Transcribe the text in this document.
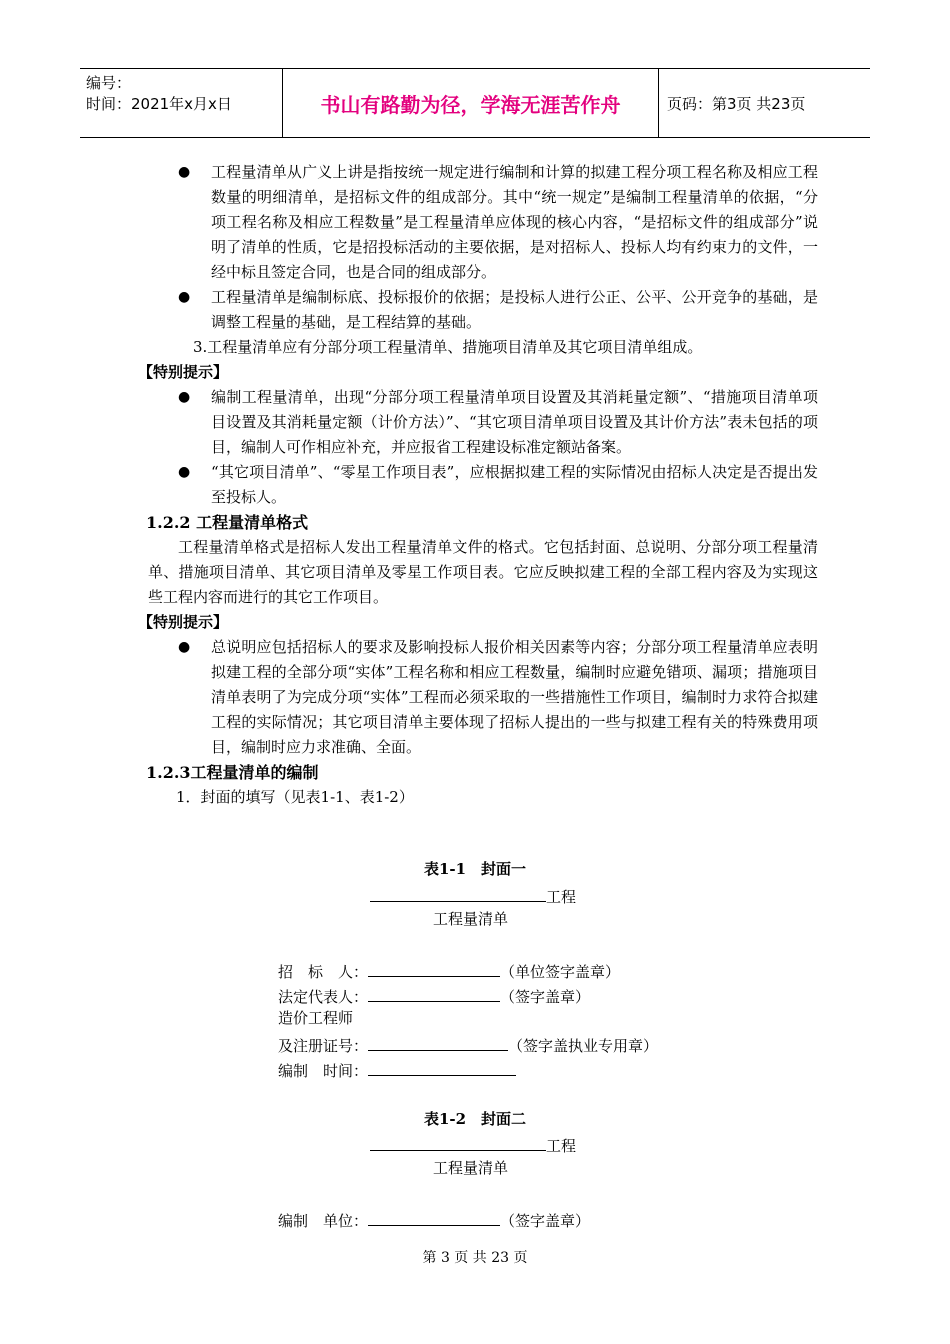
编号：
时间：2021年x月x日	书山有路勤为径，学海无涯苦作舟	页码：第3页 共23页
● 工程量清单从广义上讲是指按统一规定进行编制和计算的拟建工程分项工程名称及相应工程数量的明细清单，是招标文件的组成部分。其中“统一规定”是编制工程量清单的依据，“分项工程名称及相应工程数量”是工程量清单应体现的核心内容，“是招标文件的组成部分”说明了清单的性质，它是招投标活动的主要依据，是对招标人、投标人均有约束力的文件，一经中标且签定合同，也是合同的组成部分。
● 工程量清单是编制标底、投标报价的依据；是投标人进行公正、公平、公开竞争的基础，是调整工程量的基础，是工程结算的基础。
3.工程量清单应有分部分项工程量清单、措施项目清单及其它项目清单组成。
【特别提示】
● 编制工程量清单，出现“分部分项工程量清单项目设置及其消耗量定额”、“措施项目清单项目设置及其消耗量定额（计价方法）”、“其它项目清单项目设置及其计价方法”表未包括的项目，编制人可作相应补充，并应报省工程建设标准定额站备案。
● “其它项目清单”、“零星工作项目表”，应根据拟建工程的实际情况由招标人决定是否提出发至投标人。
1.2.2 工程量清单格式
工程量清单格式是招标人发出工程量清单文件的格式。它包括封面、总说明、分部分项工程量清单、措施项目清单、其它项目清单及零星工作项目表。它应反映拟建工程的全部工程内容及为实现这些工程内容而进行的其它工作项目。
【特别提示】
● 总说明应包括招标人的要求及影响投标人报价相关因素等内容；分部分项工程量清单应表明拟建工程的全部分项“实体”工程名称和相应工程数量，编制时应避免错项、漏项；措施项目清单表明了为完成分项“实体”工程而必须采取的一些措施性工作项目，编制时力求符合拟建工程的实际情况；其它项目清单主要体现了招标人提出的一些与拟建工程有关的特殊费用项目，编制时应力求准确、全面。
1.2.3工程量清单的编制
1．封面的填写（见表1-1、表1-2）
表1-1　封面一
工程
工程量清单
招　标　人：	（单位签字盖章）
法定代表人：	（签字盖章）
造价工程师
及注册证号：	（签字盖执业专用章）
编制　时间：
表1-2　封面二
工程
工程量清单
编制　单位：	（签字盖章）
第 3 页 共 23 页
